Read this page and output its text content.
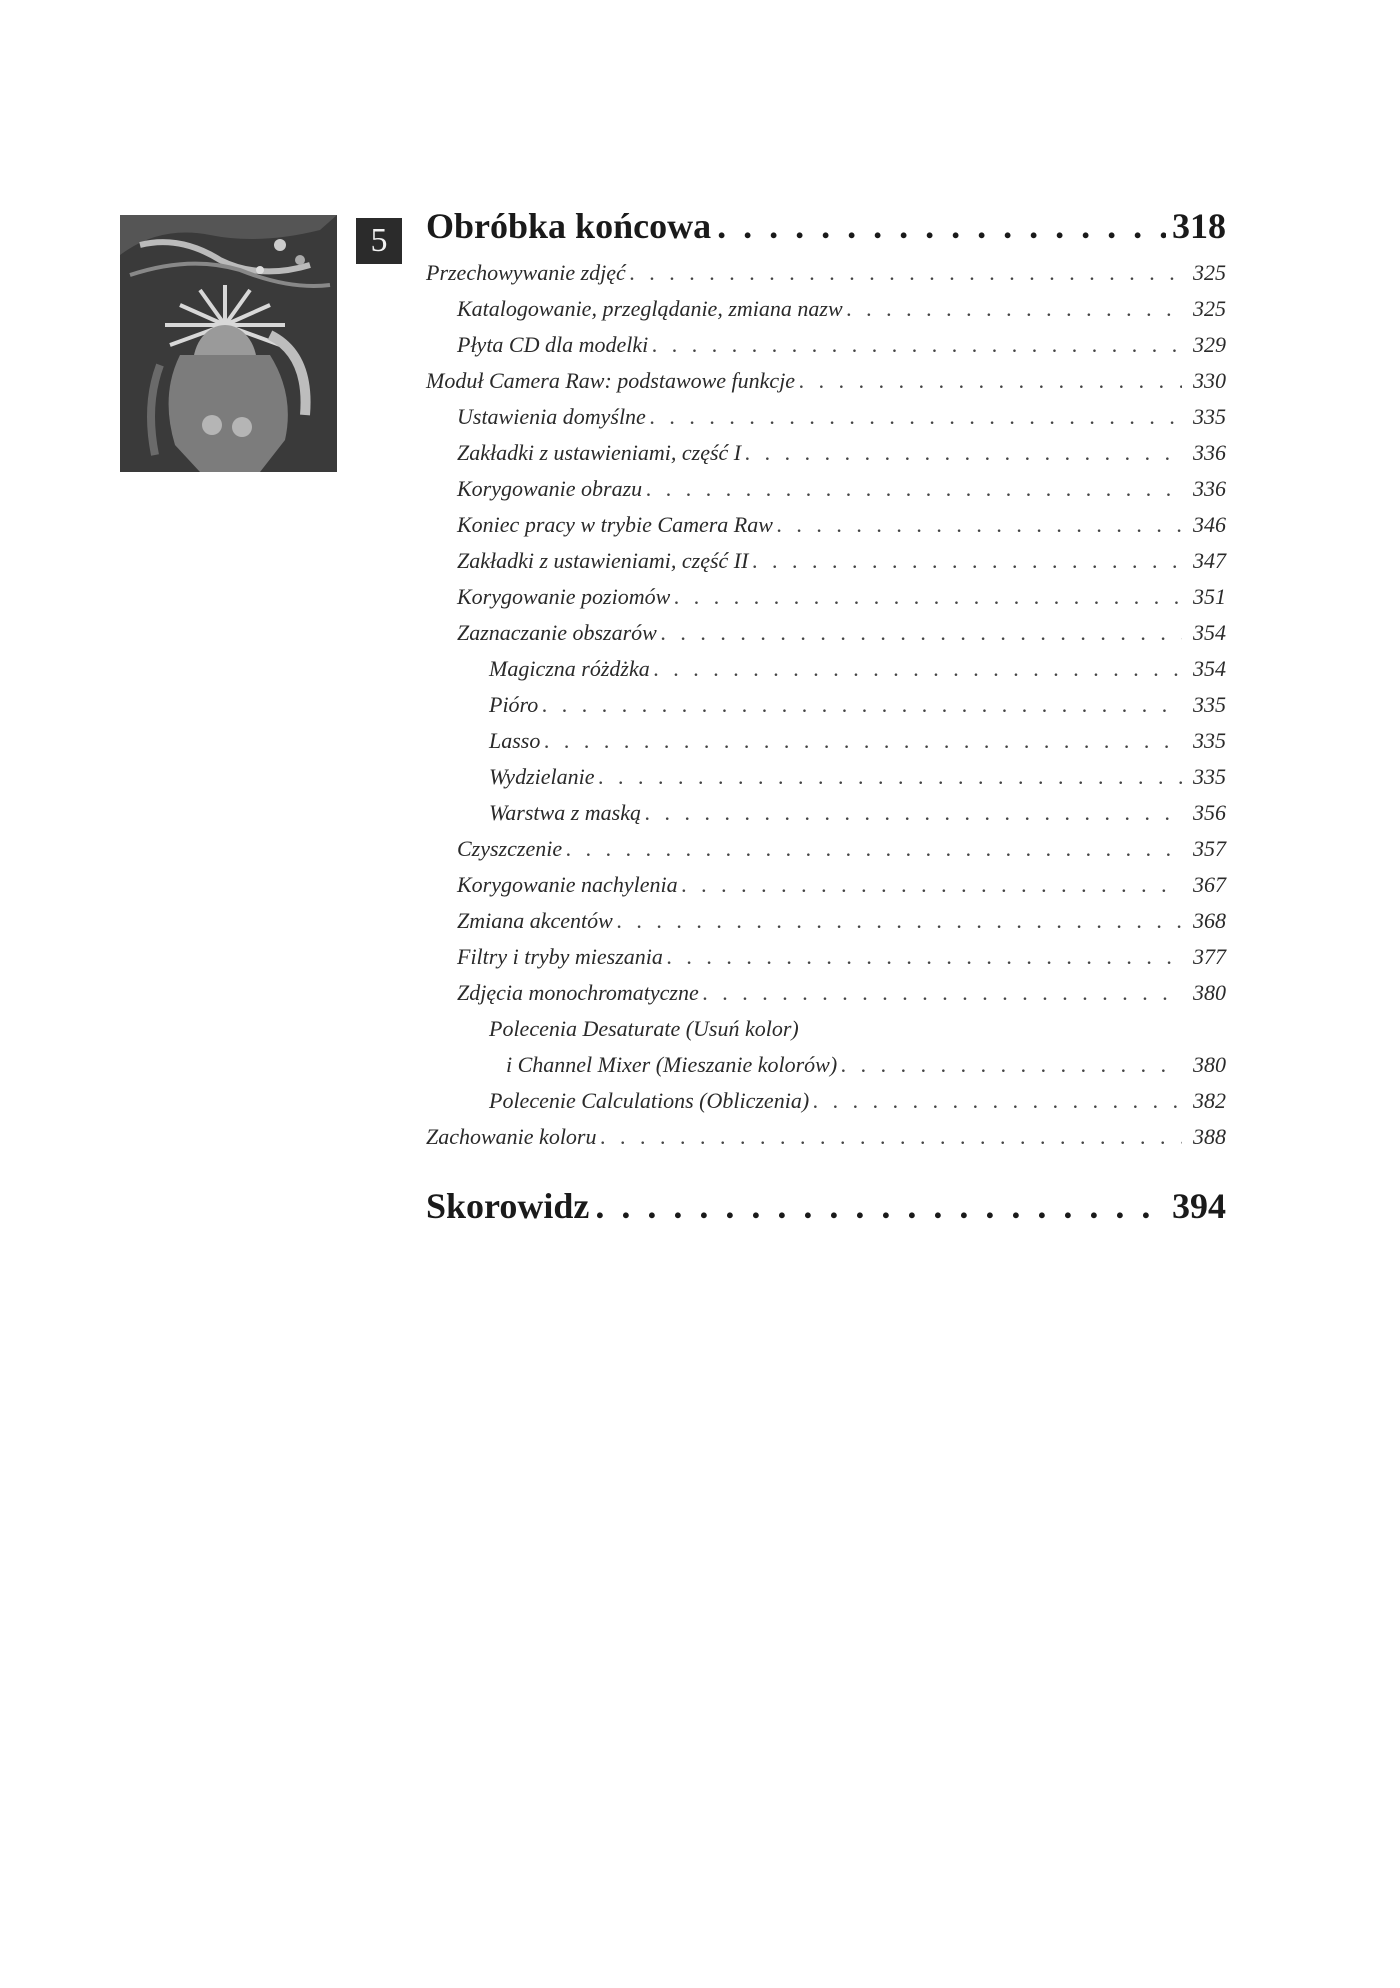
5	Obróbka końcowa . . .	318
Przechowywanie zdjęć . . .	325
Katalogowanie, przeglądanie, zmiana nazw . . .	325
Płyta CD dla modelki . . .	329
Moduł Camera Raw: podstawowe funkcje . . .	330
Ustawienia domyślne . . .	335
Zakładki z ustawieniami, część I . . .	336
Korygowanie obrazu . . .	336
Koniec pracy w trybie Camera Raw . . .	346
Zakładki z ustawieniami, część II . . .	347
Korygowanie poziomów . . .	351
Zaznaczanie obszarów . . .	354
Magiczna różdżka . . .	354
Pióro . . .	335
Lasso . . .	335
Wydzielanie . . .	335
Warstwa z maską . . .	356
Czyszczenie . . .	357
Korygowanie nachylenia . . .	367
Zmiana akcentów . . .	368
Filtry i tryby mieszania . . .	377
Zdjęcia monochromatyczne . . .	380
Polecenia Desaturate (Usuń kolor)
i Channel Mixer (Mieszanie kolorów) . . .	380
Polecenie Calculations (Obliczenia) . . .	382
Zachowanie koloru . . .	388
Skorowidz . . .	394
